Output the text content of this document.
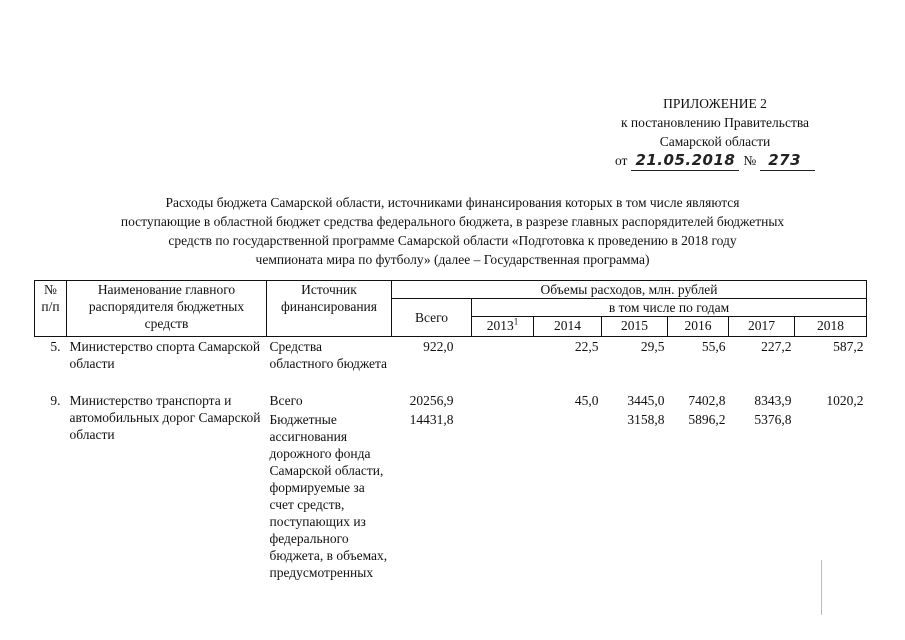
ПРИЛОЖЕНИЕ 2
к постановлению Правительства
Самарской области
от 21.05.2018 № 273
Расходы бюджета Самарской области, источниками финансирования которых в том числе являются
поступающие в областной бюджет средства федерального бюджета, в разрезе главных распорядителей бюджетных
средств по государственной программе Самарской области «Подготовка к проведению в 2018 году
чемпионата мира по футболу» (далее – Государственная программа)
№ п/п	Наименование главного распорядителя бюджетных средств	Источник финансирования	Объемы расходов, млн. рублей						
			Всего	в том числе по годам					
				2013$^1$	2014	2015	2016	2017	2018
5.	Министерство спорта Самарской области	Средства областного бюджета	922,0		22,5	29,5	55,6	227,2	587,2
9.	Министерство транспорта и автомобильных дорог Самарской области	Всего	20256,9		45,0	3445,0	7402,8	8343,9	1020,2
		Бюджетные ассигнования дорожного фонда Самарской области, формируемые за счет средств, поступающих из федерального бюджета, в объемах, предусмотренных	14431,8			3158,8	5896,2	5376,8	
